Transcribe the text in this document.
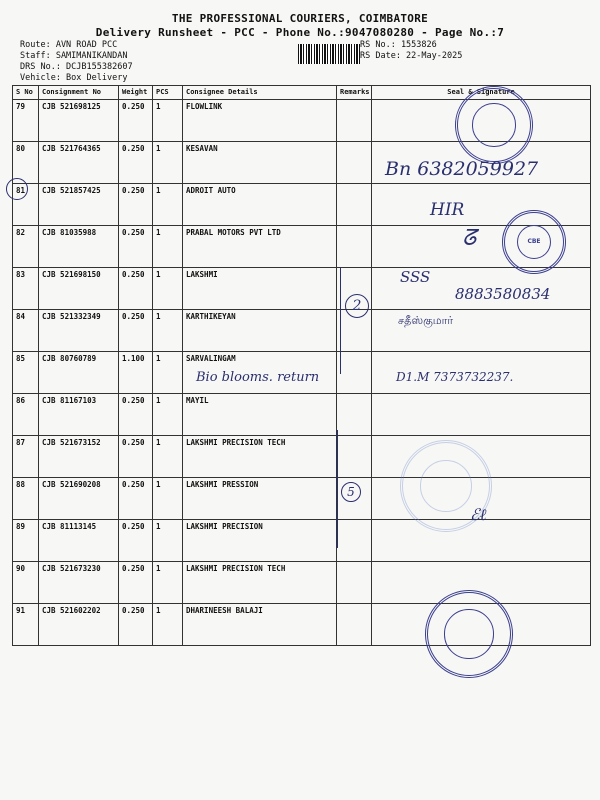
THE PROFESSIONAL COURIERS, COIMBATORE
Delivery Runsheet - PCC - Phone No.:9047080280 - Page No.:7
Route: AVN ROAD PCC
Staff: SAMIMANIKANDAN
DRS No.: DCJB155382607
Vehicle: Box Delivery
RS No.: 1553826
RS Date: 22-May-2025
S No	Consignment No	Weight	PCS	Consignee Details	Remarks	Seal & Signature
79	CJB 521698125	0.250	1	FLOWLINK		
80	CJB 521764365	0.250	1	KESAVAN		
81	CJB 521857425	0.250	1	ADROIT AUTO		
82	CJB 81035988	0.250	1	PRABAL MOTORS PVT LTD		
83	CJB 521698150	0.250	1	LAKSHMI		
84	CJB 521332349	0.250	1	KARTHIKEYAN		
85	CJB 80760789	1.100	1	SARVALINGAM		
86	CJB 81167103	0.250	1	MAYIL		
87	CJB 521673152	0.250	1	LAKSHMI PRECISION TECH		
88	CJB 521690208	0.250	1	LAKSHMI PRESSION		
89	CJB 81113145	0.250	1	LAKSHMI PRECISION		
90	CJB 521673230	0.250	1	LAKSHMI PRECISION TECH		
91	CJB 521602202	0.250	1	DHARINEESH BALAJI		
CBE
Bn 6382059927
HIR
ᘔ
SSS
8883580834
சதீஸ்குமார்
2
Bio blooms. return	D1.M 7373732237.
5
ℰℓ
